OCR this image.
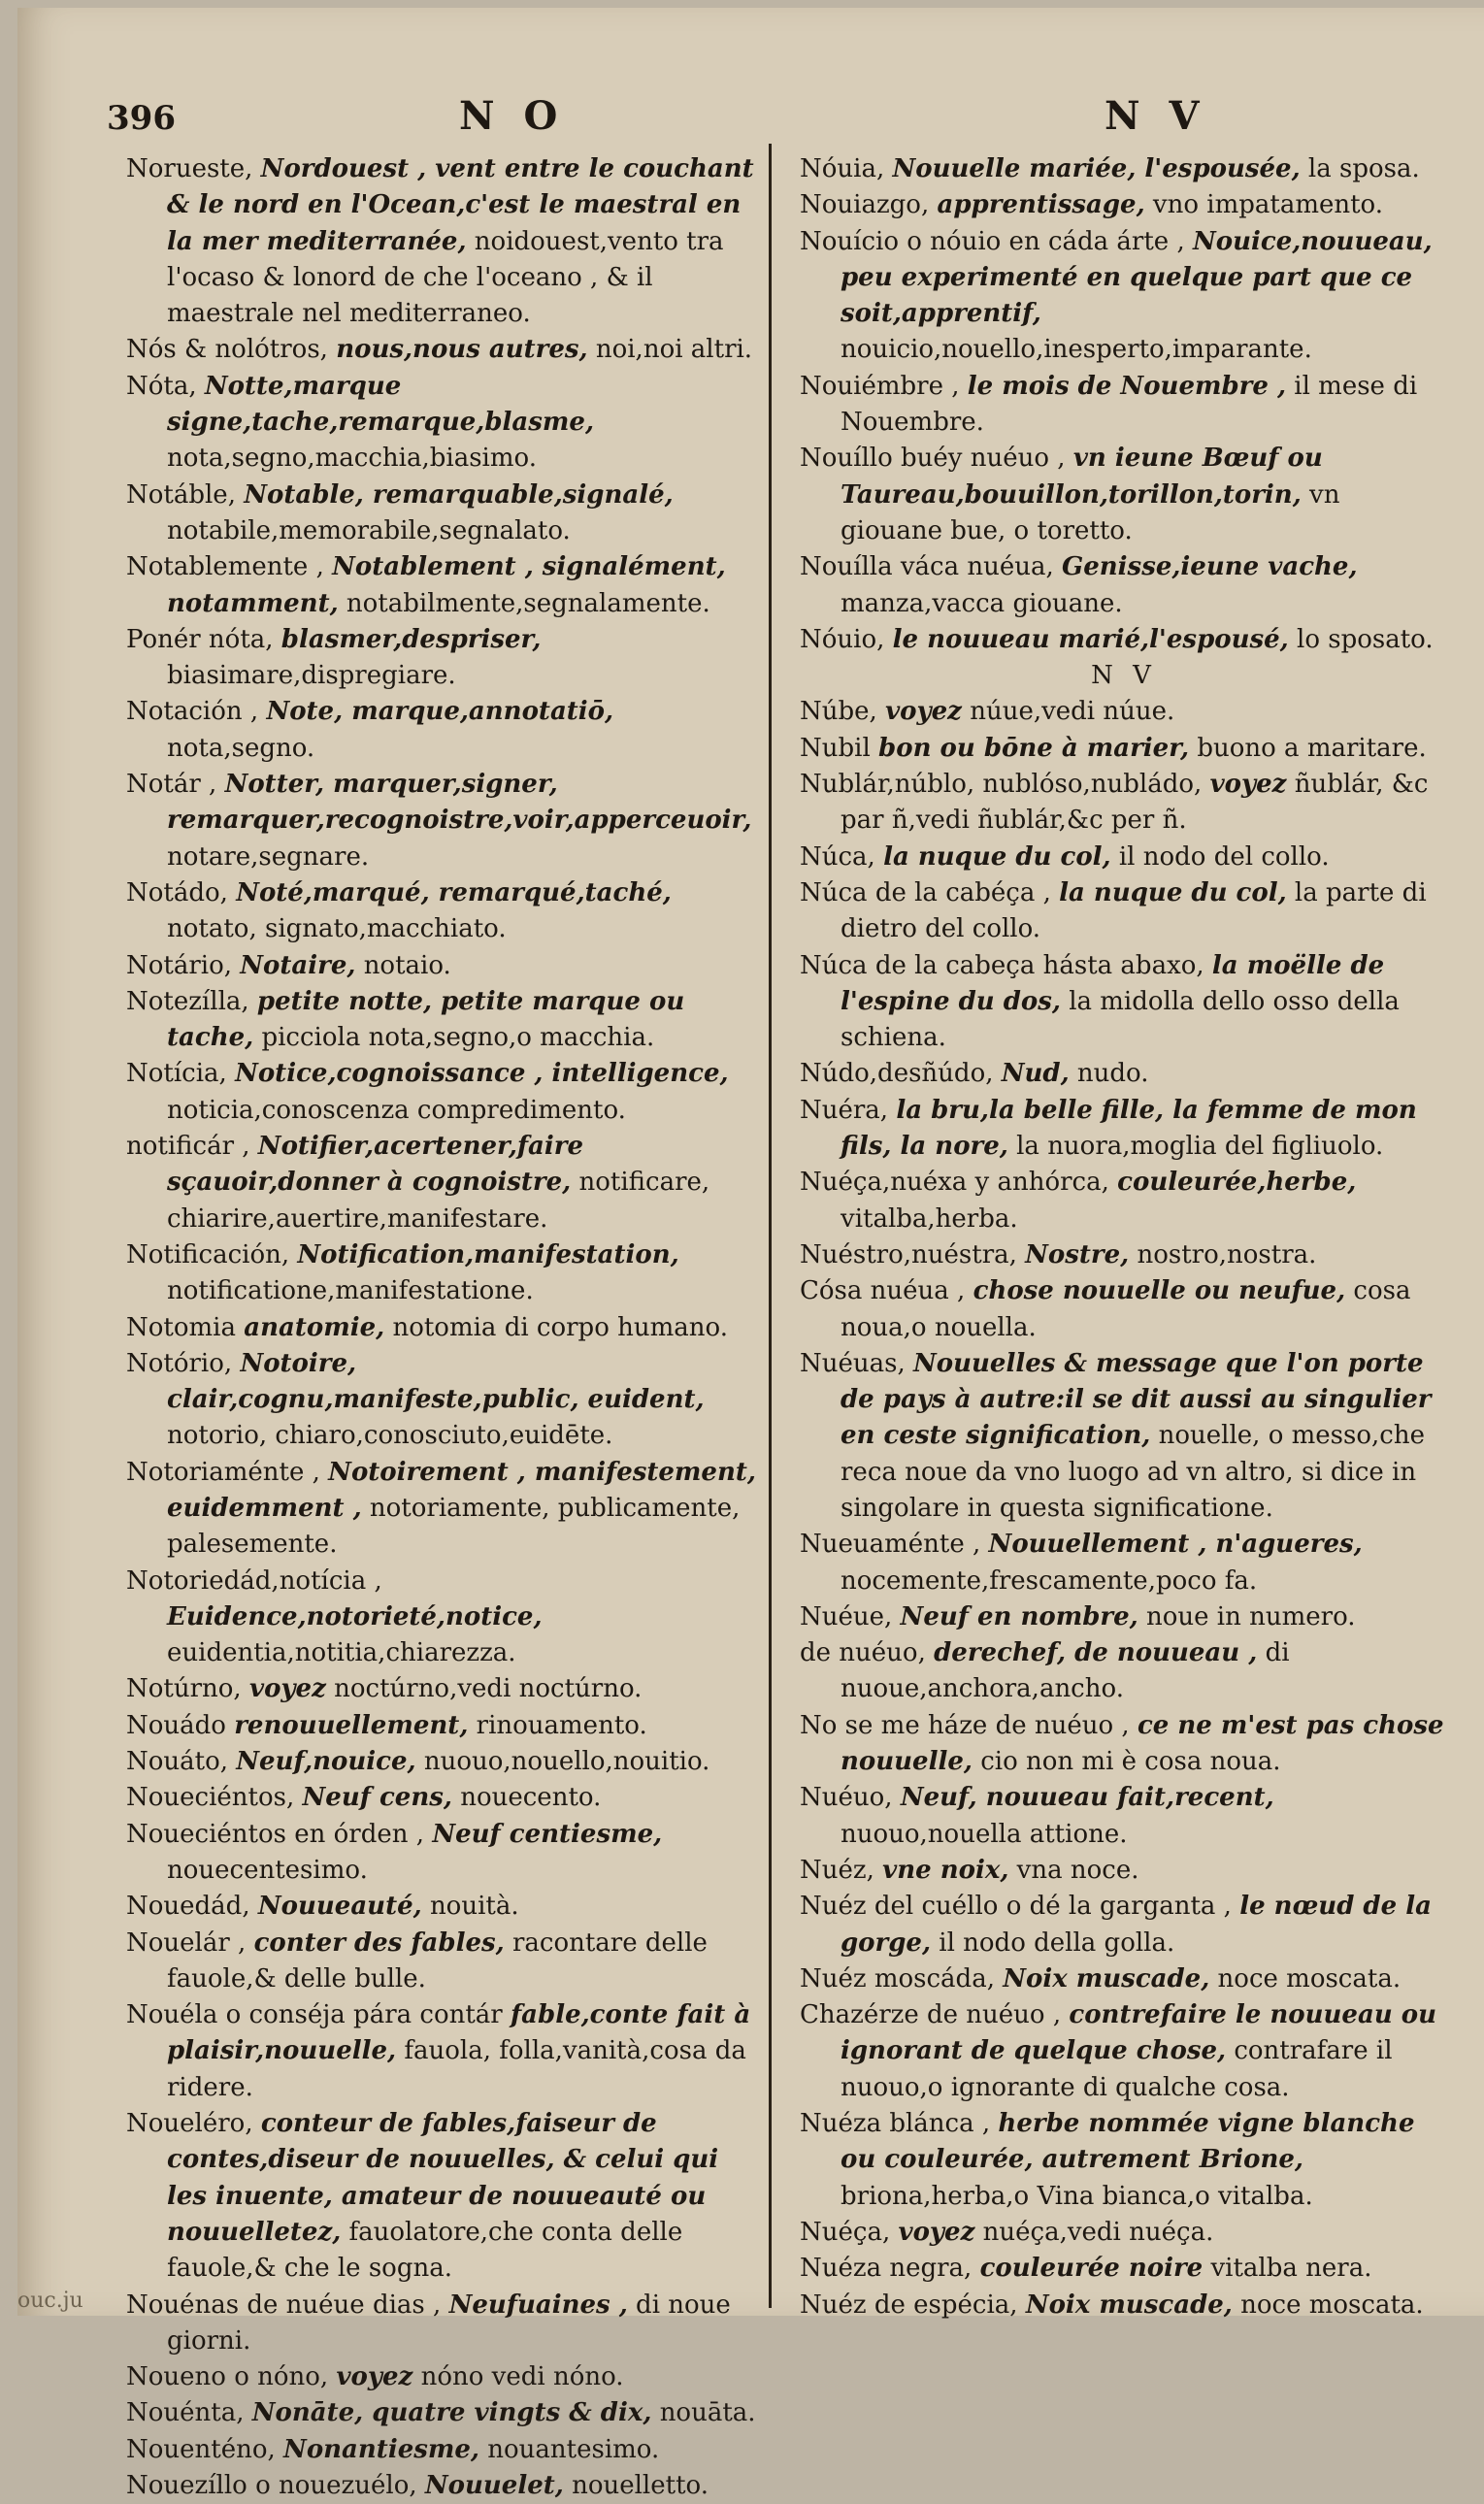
396	N O	N V
Norueste, Nordouest , vent entre le couchant & le nord en l'Ocean,c'est le maestral en la mer mediterranée, noidouest,vento tra l'ocaso & lonord de che l'oceano , & il maestrale nel mediterraneo.
Nós & nolótros, nous,nous autres, noi,noi altri.
Nóta, Notte,marque signe,tache,remarque,blasme, nota,segno,macchia,biasimo.
Notáble, Notable, remarquable,signalé, notabile,memorabile,segnalato.
Notablemente , Notablement , signalément, notamment, notabilmente,segnalamente.
Ponér nóta, blasmer,despriser, biasimare,dispregiare.
Notación , Note, marque,annotatiō, nota,segno.
Notár , Notter, marquer,signer, remarquer,recognoistre,voir,apperceuoir, notare,segnare.
Notádo, Noté,marqué, remarqué,taché, notato, signato,macchiato.
Notário, Notaire, notaio.
Notezílla, petite notte, petite marque ou tache, picciola nota,segno,o macchia.
Notícia, Notice,cognoissance , intelligence, noticia,conoscenza compredimento.
notificár , Notifier,acertener,faire sçauoir,donner à cognoistre, notificare, chiarire,auertire,manifestare.
Notificación, Notification,manifestation, notificatione,manifestatione.
Notomia anatomie, notomia di corpo humano.
Notório, Notoire, clair,cognu,manifeste,public, euident, notorio, chiaro,conosciuto,euidēte.
Notoriaménte , Notoirement , manifestement, euidemment , notoriamente, publicamente, palesemente.
Notoriedád,notícia , Euidence,notorieté,notice, euidentia,notitia,chiarezza.
Notúrno, voyez noctúrno,vedi noctúrno.
Nouádo renouuellement, rinouamento.
Nouáto, Neuf,nouice, nuouo,nouello,nouitio.
Noueciéntos, Neuf cens, nouecento.
Noueciéntos en órden , Neuf centiesme, nouecentesimo.
Nouedád, Nouueauté, nouità.
Nouelár , conter des fables, racontare delle fauole,& delle bulle.
Nouéla o conséja pára contár fable,conte fait à plaisir,nouuelle, fauola, folla,vanità,cosa da ridere.
Noueléro, conteur de fables,faiseur de contes,diseur de nouuelles, & celui qui les inuente, amateur de nouueauté ou nouuelletez, fauolatore,che conta delle fauole,& che le sogna.
Nouénas de nuéue dias , Neufuaines , di noue giorni.
Noueno o nóno, voyez nóno vedi nóno.
Nouénta, Nonāte, quatre vingts & dix, nouāta.
Nouenténo, Nonantiesme, nouantesimo.
Nouezíllo o nouezuélo, Nouuelet, nouelletto.
Nóuia, Nouuelle mariée, l'espousée, la sposa.
Nouiazgo, apprentissage, vno impatamento.
Nouício o nóuio en cáda árte , Nouice,nouueau, peu experimenté en quelque part que ce soit,apprentif, nouicio,nouello,inesperto,imparante.
Nouiémbre , le mois de Nouembre , il mese di Nouembre.
Nouíllo buéy nuéuo , vn ieune Bœuf ou Taureau,bouuillon,torillon,torin, vn giouane bue, o toretto.
Nouílla váca nuéua, Genisse,ieune vache, manza,vacca giouane.
Nóuio, le nouueau marié,l'espousé, lo sposato.
N V
Núbe, voyez núue,vedi núue.
Nubil bon ou bōne à marier, buono a maritare.
Nublár,núblo, nublóso,nubládo, voyez ñublár, &c par ñ,vedi ñublár,&c per ñ.
Núca, la nuque du col, il nodo del collo.
Núca de la cabéça , la nuque du col, la parte di dietro del collo.
Núca de la cabeça hásta abaxo, la moëlle de l'espine du dos, la midolla dello osso della schiena.
Núdo,desñúdo, Nud, nudo.
Nuéra, la bru,la belle fille, la femme de mon fils, la nore, la nuora,moglia del figliuolo.
Nuéça,nuéxa y anhórca, couleurée,herbe, vitalba,herba.
Nuéstro,nuéstra, Nostre, nostro,nostra.
Cósa nuéua , chose nouuelle ou neufue, cosa noua,o nouella.
Nuéuas, Nouuelles & message que l'on porte de pays à autre:il se dit aussi au singulier en ceste signification, nouelle, o messo,che reca noue da vno luogo ad vn altro, si dice in singolare in questa significatione.
Nueuaménte , Nouuellement , n'agueres, nocemente,frescamente,poco fa.
Nuéue, Neuf en nombre, noue in numero.
de nuéuo, derechef, de nouueau , di nuoue,anchora,ancho.
No se me háze de nuéuo , ce ne m'est pas chose nouuelle, cio non mi è cosa noua.
Nuéuo, Neuf, nouueau fait,recent, nuouo,nouella attione.
Nuéz, vne noix, vna noce.
Nuéz del cuéllo o dé la garganta , le nœud de la gorge, il nodo della golla.
Nuéz moscáda, Noix muscade, noce moscata.
Chazérze de nuéuo , contrefaire le nouueau ou ignorant de quelque chose, contrafare il nuouo,o ignorante di qualche cosa.
Nuéza blánca , herbe nommée vigne blanche ou couleurée, autrement Brione, briona,herba,o Vina bianca,o vitalba.
Nuéça, voyez nuéça,vedi nuéça.
Nuéza negra, couleurée noire vitalba nera.
Nuéz de espécia, Noix muscade, noce moscata.
ouc.ju
